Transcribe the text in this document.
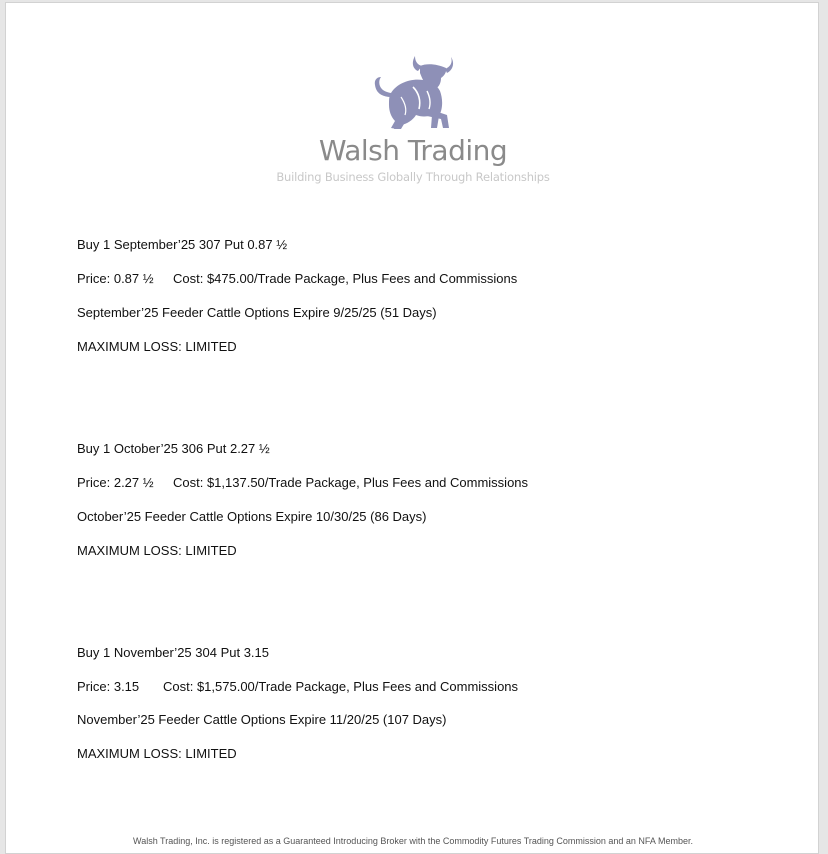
Walsh Trading
Building Business Globally Through Relationships
Buy 1 September’25 307 Put 0.87 ½
Price: 0.87 ½ Cost: $475.00/Trade Package, Plus Fees and Commissions
September’25 Feeder Cattle Options Expire 9/25/25 (51 Days)
MAXIMUM LOSS: LIMITED
Buy 1 October’25 306 Put 2.27 ½
Price: 2.27 ½ Cost: $1,137.50/Trade Package, Plus Fees and Commissions
October’25 Feeder Cattle Options Expire 10/30/25 (86 Days)
MAXIMUM LOSS: LIMITED
Buy 1 November’25 304 Put 3.15
Price: 3.15 Cost: $1,575.00/Trade Package, Plus Fees and Commissions
November’25 Feeder Cattle Options Expire 11/20/25 (107 Days)
MAXIMUM LOSS: LIMITED
Walsh Trading, Inc. is registered as a Guaranteed Introducing Broker with the Commodity Futures Trading Commission and an NFA Member.
